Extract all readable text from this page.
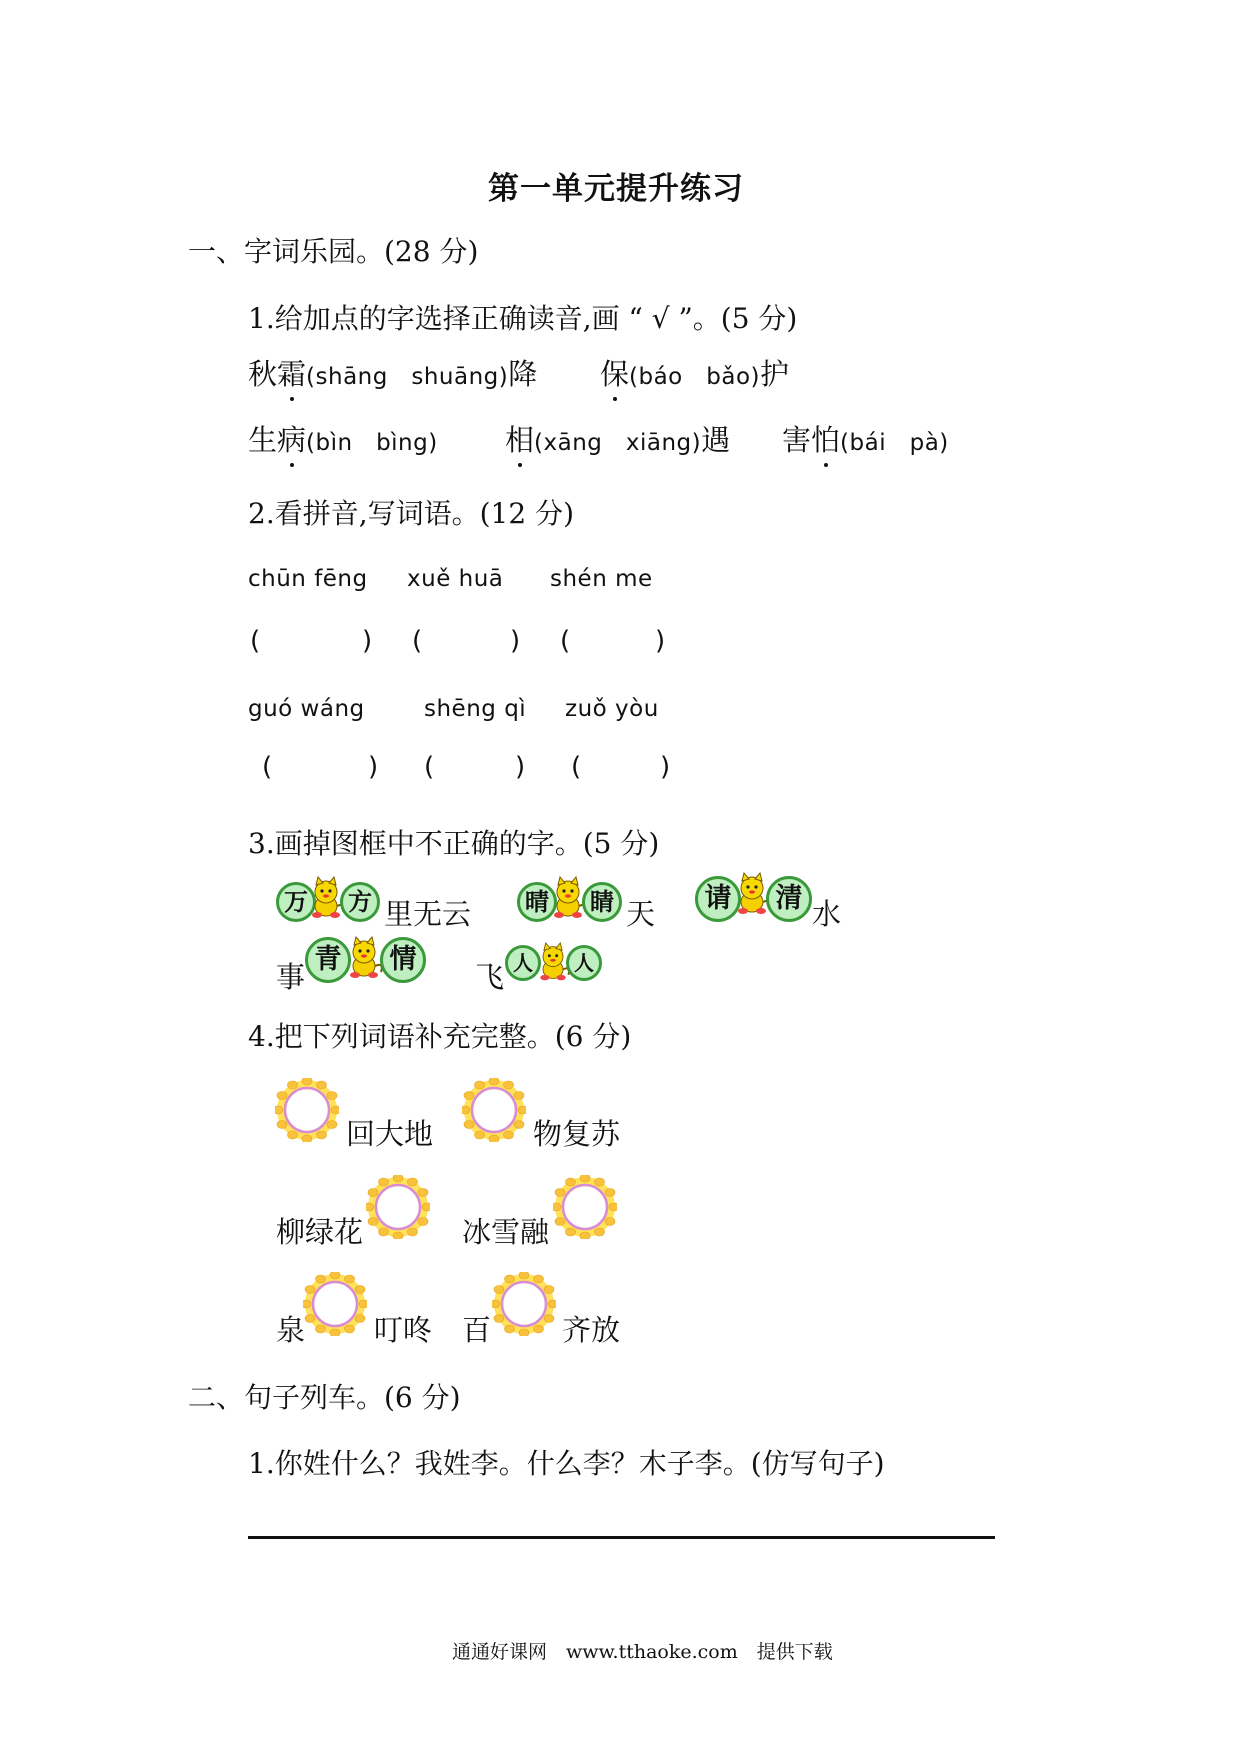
第一单元提升练习
一、字词乐园。(28 分)
1.给加点的字选择正确读音,画 “ √ ”。(5 分)
秋霜(shāng　shuāng)降 保(báo　bǎo)护
生病(bìn　bìng) 相(xāng　xiāng)遇 害怕(bái　pà)
2.看拼音,写词语。(12 分)
chūn fēng xuě huā shén me
(	) (	) (	)
guó wáng	shēng qì zuǒ yòu
(	) (	) (	)
3.画掉图框中不正确的字。(5 分)
万	方 里无云	晴	睛 天	请	清 水
事
青	情
飞 人	人
4.把下列词语补充完整。(6 分)
回大地	物复苏
柳绿花	冰雪融
泉 叮咚 百 齐放
二、句子列车。(6 分)
1.你姓什么？我姓李。什么李？木子李。(仿写句子)
通通好课网　www.tthaoke.com　提供下载
